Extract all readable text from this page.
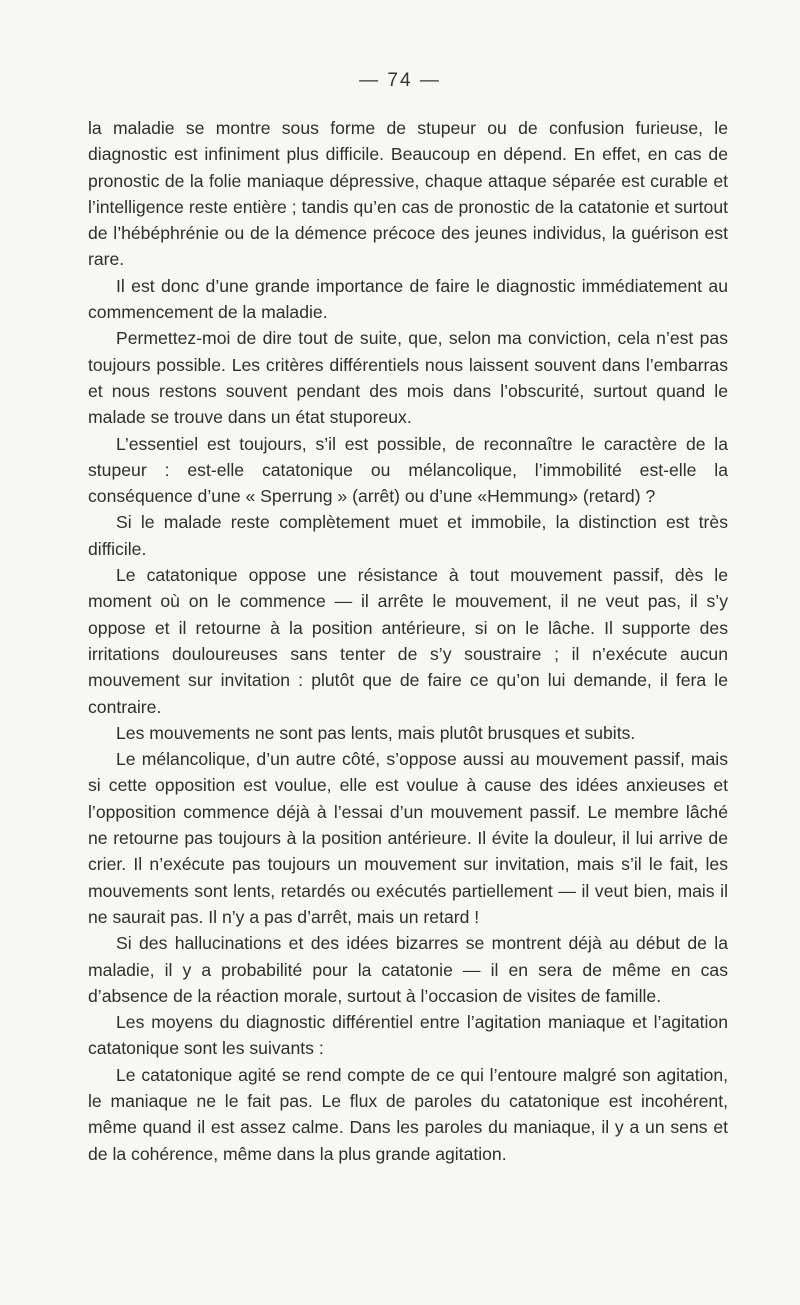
— 74 —

la maladie se montre sous forme de stupeur ou de confusion furieuse, le diagnostic est infiniment plus difficile. Beaucoup en dépend. En effet, en cas de pronostic de la folie maniaque dépressive, chaque attaque séparée est curable et l’intelligence reste entière ; tandis qu’en cas de pronostic de la catatonie et surtout de l’hébéphrénie ou de la démence précoce des jeunes individus, la guérison est rare.

Il est donc d’une grande importance de faire le diagnostic immédiatement au commencement de la maladie.

Permettez-moi de dire tout de suite, que, selon ma conviction, cela n’est pas toujours possible. Les critères différentiels nous laissent souvent dans l’embarras et nous restons souvent pendant des mois dans l’obscurité, surtout quand le malade se trouve dans un état stuporeux.

L’essentiel est toujours, s’il est possible, de reconnaître le caractère de la stupeur : est-elle catatonique ou mélancolique, l’immobilité est-elle la conséquence d’une « Sperrung » (arrêt) ou d’une «Hemmung» (retard) ?

Si le malade reste complètement muet et immobile, la distinction est très difficile.

Le catatonique oppose une résistance à tout mouvement passif, dès le moment où on le commence — il arrête le mouvement, il ne veut pas, il s’y oppose et il retourne à la position antérieure, si on le lâche. Il supporte des irritations douloureuses sans tenter de s’y soustraire ; il n’exécute aucun mouvement sur invitation : plutôt que de faire ce qu’on lui demande, il fera le contraire.

Les mouvements ne sont pas lents, mais plutôt brusques et subits.

Le mélancolique, d’un autre côté, s’oppose aussi au mouvement passif, mais si cette opposition est voulue, elle est voulue à cause des idées anxieuses et l’opposition commence déjà à l’essai d’un mouvement passif. Le membre lâché ne retourne pas toujours à la position antérieure. Il évite la douleur, il lui arrive de crier. Il n’exécute pas toujours un mouvement sur invitation, mais s’il le fait, les mouvements sont lents, retardés ou exécutés partiellement — il veut bien, mais il ne saurait pas. Il n’y a pas d’arrêt, mais un retard !

Si des hallucinations et des idées bizarres se montrent déjà au début de la maladie, il y a probabilité pour la catatonie — il en sera de même en cas d’absence de la réaction morale, surtout à l’occasion de visites de famille.

Les moyens du diagnostic différentiel entre l’agitation maniaque et l’agitation catatonique sont les suivants :

Le catatonique agité se rend compte de ce qui l’entoure malgré son agitation, le maniaque ne le fait pas. Le flux de paroles du catatonique est incohérent, même quand il est assez calme. Dans les paroles du maniaque, il y a un sens et de la cohérence, même dans la plus grande agitation.
